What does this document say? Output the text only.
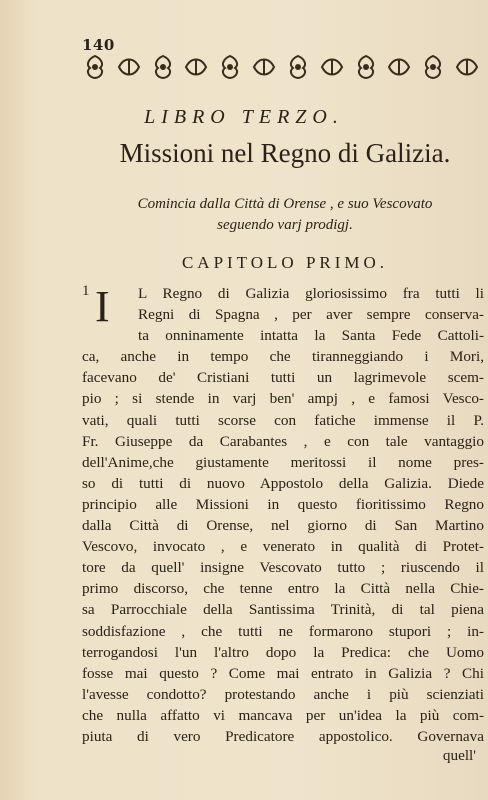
140
LIBRO TERZO.
Missioni nel Regno di Galizia.
Comincia dalla Città di Orense , e suo Vescovato
seguendo varj prodigj.
CAPITOLO PRIMO.
1 I	L Regno di Galizia gloriosissimo fra tutti li
Regni di Spagna , per aver sempre conserva-
ta onninamente intatta la Santa Fede Cattoli-
ca, anche in tempo che tiranneggiando i Mori,
facevano de' Cristiani tutti un lagrimevole scem-
pio ; si stende in varj ben' ampj , e famosi Vesco-
vati, quali tutti scorse con fatiche immense il P.
Fr. Giuseppe da Carabantes , e con tale vantaggio
dell'Anime,che giustamente meritossi il nome pres-
so di tutti di nuovo Appostolo della Galizia. Diede
principio alle Missioni in questo fioritissimo Regno
dalla Città di Orense, nel giorno di San Martino
Vescovo, invocato , e venerato in qualità di Protet-
tore da quell' insigne Vescovato tutto ; riuscendo il
primo discorso, che tenne entro la Città nella Chie-
sa Parrocchiale della Santissima Trinità, di tal piena
soddisfazione , che tutti ne formarono stupori ; in-
terrogandosi l'un l'altro dopo la Predica: che Uomo
fosse mai questo ? Come mai entrato in Galizia ? Chi
l'avesse condotto? protestando anche i più scienziati
che nulla affatto vi mancava per un'idea la più com-
piuta di vero Predicatore appostolico. Governava
quell'
